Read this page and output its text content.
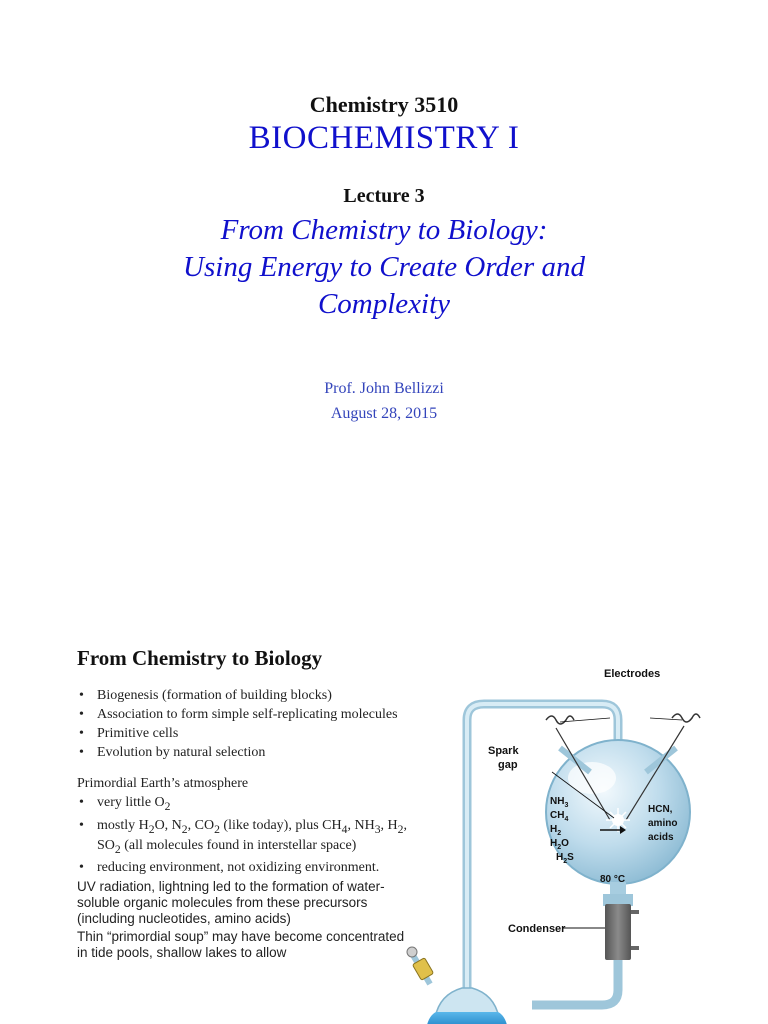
Chemistry 3510
BIOCHEMISTRY I
Lecture 3
From Chemistry to Biology:
Using Energy to Create Order and
Complexity
Prof. John Bellizzi
August 28, 2015
From Chemistry to Biology
• Biogenesis (formation of building blocks)
• Association to form simple self-replicating molecules
• Primitive cells
• Evolution by natural selection

Primordial Earth’s atmosphere

• very little $O_2$
• mostly $H_2O$, $N_2$, $CO_2$ (like today), plus $CH_4$, $NH_3$, $H_2$, $SO_2$ (all molecules found in interstellar space)
• reducing environment, not oxidizing environment.

UV radiation, lightning led to the formation of water-soluble organic molecules from these precursors (including nucleotides, amino acids)

Thin “primordial soup” may have become concentrated in tide pools, shallow lakes to allow

Electrodes
Spark
gap
$NH_3$
$CH_4$
$H_2$
$H_2O$
$H_2S$
HCN,
amino
acids
80 °C
Condenser
